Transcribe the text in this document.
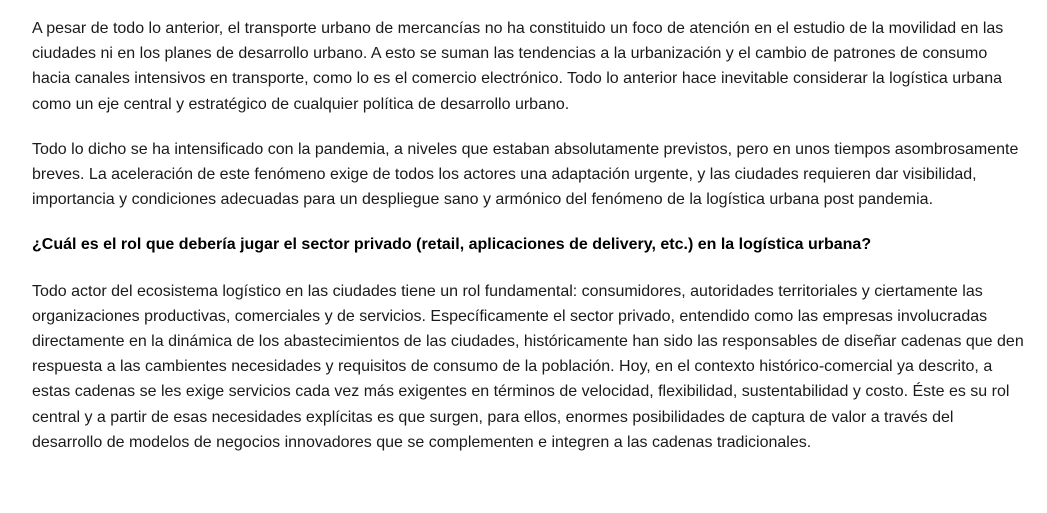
A pesar de todo lo anterior, el transporte urbano de mercancías no ha constituido un foco de atención en el estudio de la movilidad en las ciudades ni en los planes de desarrollo urbano. A esto se suman las tendencias a la urbanización y el cambio de patrones de consumo hacia canales intensivos en transporte, como lo es el comercio electrónico. Todo lo anterior hace inevitable considerar la logística urbana como un eje central y estratégico de cualquier política de desarrollo urbano.

Todo lo dicho se ha intensificado con la pandemia, a niveles que estaban absolutamente previstos, pero en unos tiempos asombrosamente breves. La aceleración de este fenómeno exige de todos los actores una adaptación urgente, y las ciudades requieren dar visibilidad, importancia y condiciones adecuadas para un despliegue sano y armónico del fenómeno de la logística urbana post pandemia.

¿Cuál es el rol que debería jugar el sector privado (retail, aplicaciones de delivery, etc.) en la logística urbana?

Todo actor del ecosistema logístico en las ciudades tiene un rol fundamental: consumidores, autoridades territoriales y ciertamente las organizaciones productivas, comerciales y de servicios. Específicamente el sector privado, entendido como las empresas involucradas directamente en la dinámica de los abastecimientos de las ciudades, históricamente han sido las responsables de diseñar cadenas que den respuesta a las cambientes necesidades y requisitos de consumo de la población. Hoy, en el contexto histórico-comercial ya descrito, a estas cadenas se les exige servicios cada vez más exigentes en términos de velocidad, flexibilidad, sustentabilidad y costo. Éste es su rol central y a partir de esas necesidades explícitas es que surgen, para ellos, enormes posibilidades de captura de valor a través del desarrollo de modelos de negocios innovadores que se complementen e integren a las cadenas tradicionales.
